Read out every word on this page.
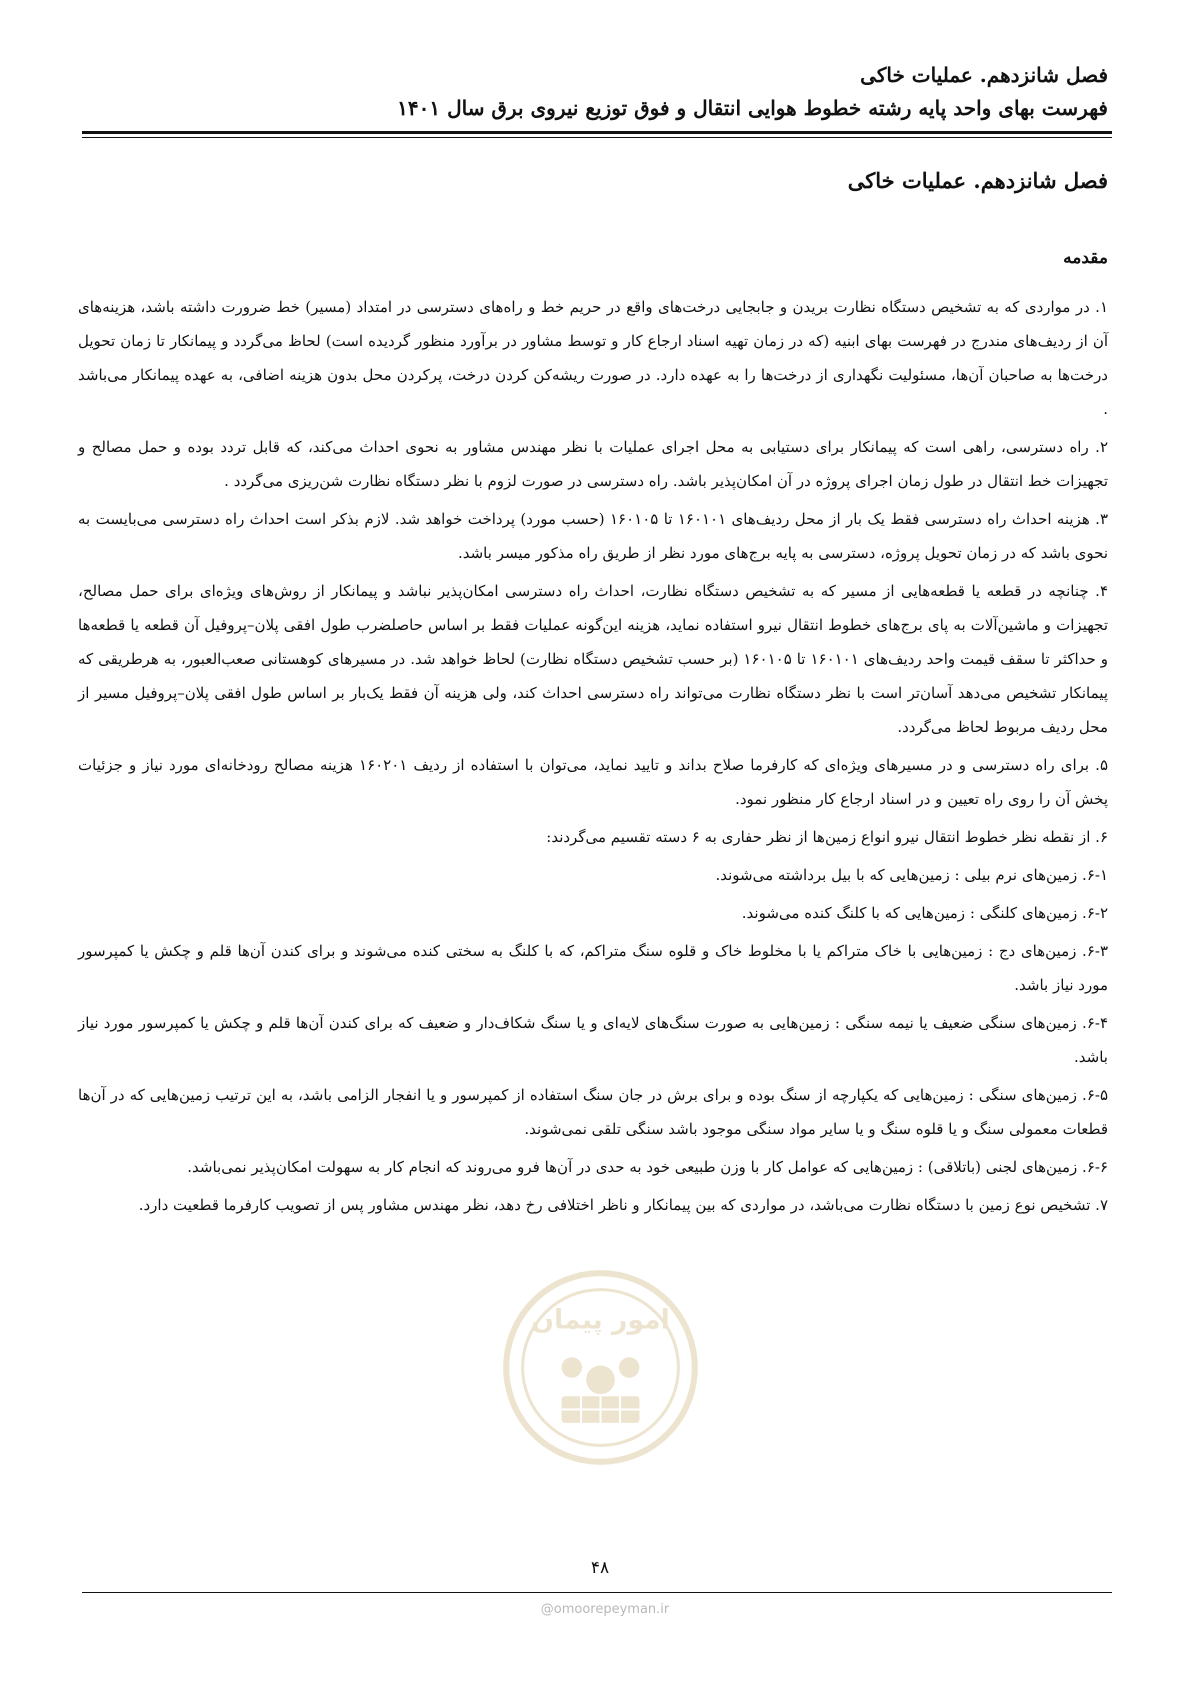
فصل شانزدهم. عملیات خاکی
فهرست بهای واحد پایه رشته خطوط هوایی انتقال و فوق توزیع نیروی برق سال ۱۴۰۱
فصل شانزدهم. عملیات خاکی
مقدمه

۱. در مواردی که به تشخیص دستگاه نظارت بریدن و جابجایی درخت‌های واقع در حریم خط و راه‌های دسترسی در امتداد (مسیر) خط ضرورت داشته باشد، هزینه‌های آن از ردیف‌های مندرج در فهرست بهای ابنیه (که در زمان تهیه اسناد ارجاع کار و توسط مشاور در برآورد منظور گردیده است) لحاظ می‌گردد و پیمانکار تا زمان تحویل درخت‌ها به صاحبان آن‌ها، مسئولیت نگهداری از درخت‌ها را به عهده دارد. در صورت ریشه‌کن کردن درخت، پرکردن محل بدون هزینه اضافی، به عهده پیمانکار می‌باشد .

۲. راه دسترسی، راهی است که پیمانکار برای دستیابی به محل اجرای عملیات با نظر مهندس مشاور به نحوی احداث می‌کند، که قابل تردد بوده و حمل مصالح و تجهیزات خط انتقال در طول زمان اجرای پروژه در آن امکان‌پذیر باشد. راه دسترسی در صورت لزوم با نظر دستگاه نظارت شن‌ریزی می‌گردد .

۳. هزینه احداث راه دسترسی فقط یک بار از محل ردیف‌های ۱۶۰۱۰۱ تا ۱۶۰۱۰۵ (حسب مورد) پرداخت خواهد شد. لازم بذکر است احداث راه دسترسی می‌بایست به نحوی باشد که در زمان تحویل پروژه، دسترسی به پایه برج‌های مورد نظر از طریق راه مذکور میسر باشد.

۴. چنانچه در قطعه یا قطعه‌هایی از مسیر که به تشخیص دستگاه نظارت، احداث راه دسترسی امکان‌پذیر نباشد و پیمانکار از روش‌های ویژه‌ای برای حمل مصالح، تجهیزات و ماشین‌آلات به پای برج‌های خطوط انتقال نیرو استفاده نماید، هزینه این‌گونه عملیات فقط بر اساس حاصلضرب طول افقی پلان–پروفیل آن قطعه یا قطعه‌ها و حداکثر تا سقف قیمت واحد ردیف‌های ۱۶۰۱۰۱ تا ۱۶۰۱۰۵ (بر حسب تشخیص دستگاه نظارت) لحاظ خواهد شد. در مسیرهای کوهستانی صعب‌العبور، به هرطریقی که پیمانکار تشخیص می‌دهد آسان‌تر است با نظر دستگاه نظارت می‌تواند راه دسترسی احداث کند، ولی هزینه آن فقط یک‌بار بر اساس طول افقی پلان–پروفیل مسیر از محل ردیف مربوط لحاظ می‌گردد.

۵. برای راه دسترسی و در مسیرهای ویژه‌ای که کارفرما صلاح بداند و تایید نماید، می‌توان با استفاده از ردیف ۱۶۰۲۰۱ هزینه مصالح رودخانه‌ای مورد نیاز و جزئیات پخش آن را روی راه تعیین و در اسناد ارجاع کار منظور نمود.

۶. از نقطه نظر خطوط انتقال نیرو انواع زمین‌ها از نظر حفاری به ۶ دسته تقسیم می‌گردند:

۶-۱. زمین‌های نرم بیلی : زمین‌هایی که با بیل برداشته می‌شوند.

۶-۲. زمین‌های کلنگی : زمین‌هایی که با کلنگ کنده می‌شوند.

۶-۳. زمین‌های دج : زمین‌هایی با خاک متراکم یا با مخلوط خاک و قلوه سنگ متراکم، که با کلنگ به سختی کنده می‌شوند و برای کندن آن‌ها قلم و چکش یا کمپرسور مورد نیاز باشد.

۶-۴. زمین‌های سنگی ضعیف یا نیمه سنگی : زمین‌هایی به صورت سنگ‌های لایه‌ای و یا سنگ شکاف‌دار و ضعیف که برای کندن آن‌ها قلم و چکش یا کمپرسور مورد نیاز باشد.

۶-۵. زمین‌های سنگی : زمین‌هایی که یکپارچه از سنگ بوده و برای برش در جان سنگ استفاده از کمپرسور و یا انفجار الزامی باشد، به این ترتیب زمین‌هایی که در آن‌ها قطعات معمولی سنگ و یا قلوه سنگ و یا سایر مواد سنگی موجود باشد سنگی تلقی نمی‌شوند.

۶-۶. زمین‌های لجنی (باتلاقی) : زمین‌هایی که عوامل کار با وزن طبیعی خود به حدی در آن‌ها فرو می‌روند که انجام کار به سهولت امکان‌پذیر نمی‌باشد.

۷. تشخیص نوع زمین با دستگاه نظارت می‌باشد، در مواردی که بین پیمانکار و ناظر اختلافی رخ دهد، نظر مهندس مشاور پس از تصویب کارفرما قطعیت دارد.

امور پیمان
۴۸
@omoorepeyman.ir
